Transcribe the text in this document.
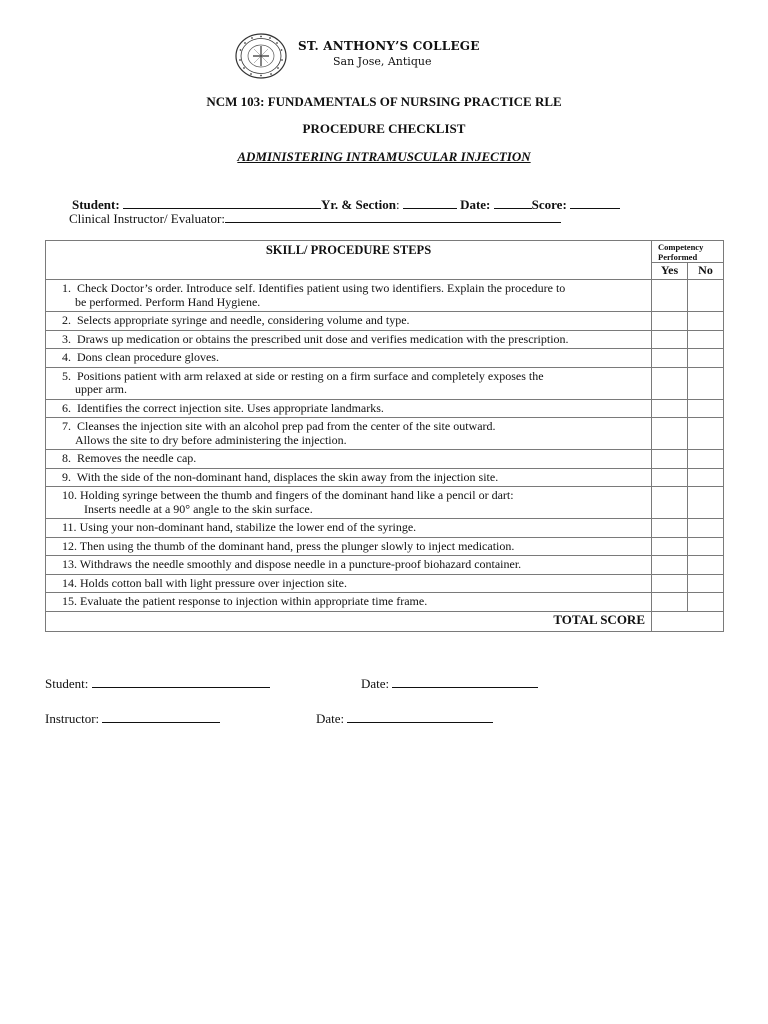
ST. ANTHONY’S COLLEGE
San Jose, Antique
NCM 103: FUNDAMENTALS OF NURSING PRACTICE RLE
PROCEDURE CHECKLIST
ADMINISTERING INTRAMUSCULAR INJECTION
Student:	Yr. & Section:	Date:	Score:
Clinical Instructor/ Evaluator:
SKILL/ PROCEDURE STEPS	Competency Performed	
	Yes	No
1. Check Doctor’s order. Introduce self. Identifies patient using two identifiers. Explain the procedure to
be performed. Perform Hand Hygiene.		

2. Selects appropriate syringe and needle, considering volume and type.		
3. Draws up medication or obtains the prescribed unit dose and verifies medication with the prescription.		
4. Dons clean procedure gloves.		
5. Positions patient with arm relaxed at side or resting on a firm surface and completely exposes the
upper arm.		

6. Identifies the correct injection site. Uses appropriate landmarks.		
7. Cleanses the injection site with an alcohol prep pad from the center of the site outward.
Allows the site to dry before administering the injection.		

8. Removes the needle cap.		
9. With the side of the non-dominant hand, displaces the skin away from the injection site.		
10. Holding syringe between the thumb and fingers of the dominant hand like a pencil or dart:
Inserts needle at a 90° angle to the skin surface.		

11. Using your non-dominant hand, stabilize the lower end of the syringe.		
12. Then using the thumb of the dominant hand, press the plunger slowly to inject medication.		
13. Withdraws the needle smoothly and dispose needle in a puncture-proof biohazard container.		
14. Holds cotton ball with light pressure over injection site.		
15. Evaluate the patient response to injection within appropriate time frame.		
TOTAL SCORE		
Student:	Date:
Instructor:	Date:
